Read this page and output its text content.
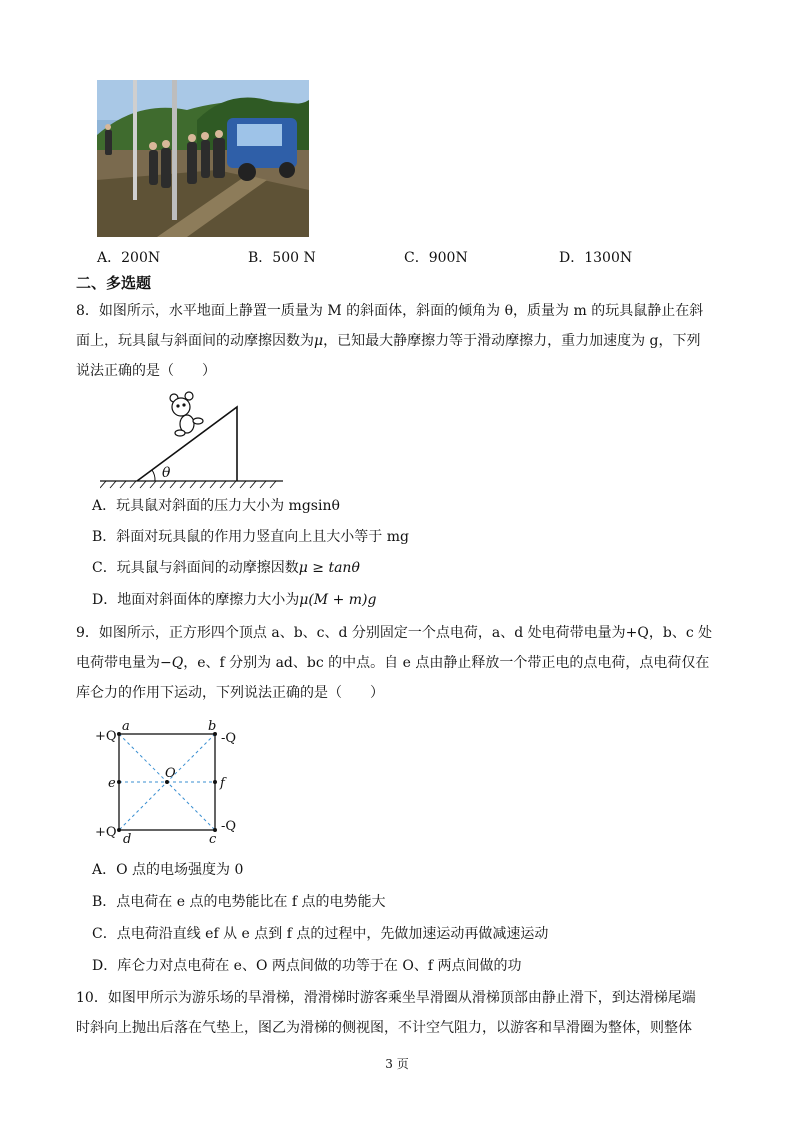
A．200N	B．500 N	C．900N	D．1300N
二、多选题
8．如图所示，水平地面上静置一质量为 M 的斜面体，斜面的倾角为 θ，质量为 m 的玩具鼠静止在斜
面上，玩具鼠与斜面间的动摩擦因数为μ，已知最大静摩擦力等于滑动摩擦力，重力加速度为 g，下列
说法正确的是（　　）
θ
A．玩具鼠对斜面的压力大小为 mgsinθ
B．斜面对玩具鼠的作用力竖直向上且大小等于 mg
C．玩具鼠与斜面间的动摩擦因数μ ≥ tanθ
D．地面对斜面体的摩擦力大小为μ(M + m)g
9．如图所示，正方形四个顶点 a、b、c、d 分别固定一个点电荷，a、d 处电荷带电量为+Q，b、c 处
电荷带电量为−Q，e、f 分别为 ad、bc 的中点。自 e 点由静止释放一个带正电的点电荷，点电荷仅在
库仑力的作用下运动，下列说法正确的是（　　）
a	b
c
d
e	f
O
+Q	-Q
+Q	-Q
A．O 点的电场强度为 0
B．点电荷在 e 点的电势能比在 f 点的电势能大
C．点电荷沿直线 ef 从 e 点到 f 点的过程中，先做加速运动再做减速运动
D．库仑力对点电荷在 e、O 两点间做的功等于在 O、f 两点间做的功
10．如图甲所示为游乐场的旱滑梯，滑滑梯时游客乘坐旱滑圈从滑梯顶部由静止滑下，到达滑梯尾端
时斜向上抛出后落在气垫上，图乙为滑梯的侧视图，不计空气阻力，以游客和旱滑圈为整体，则整体
3 页
